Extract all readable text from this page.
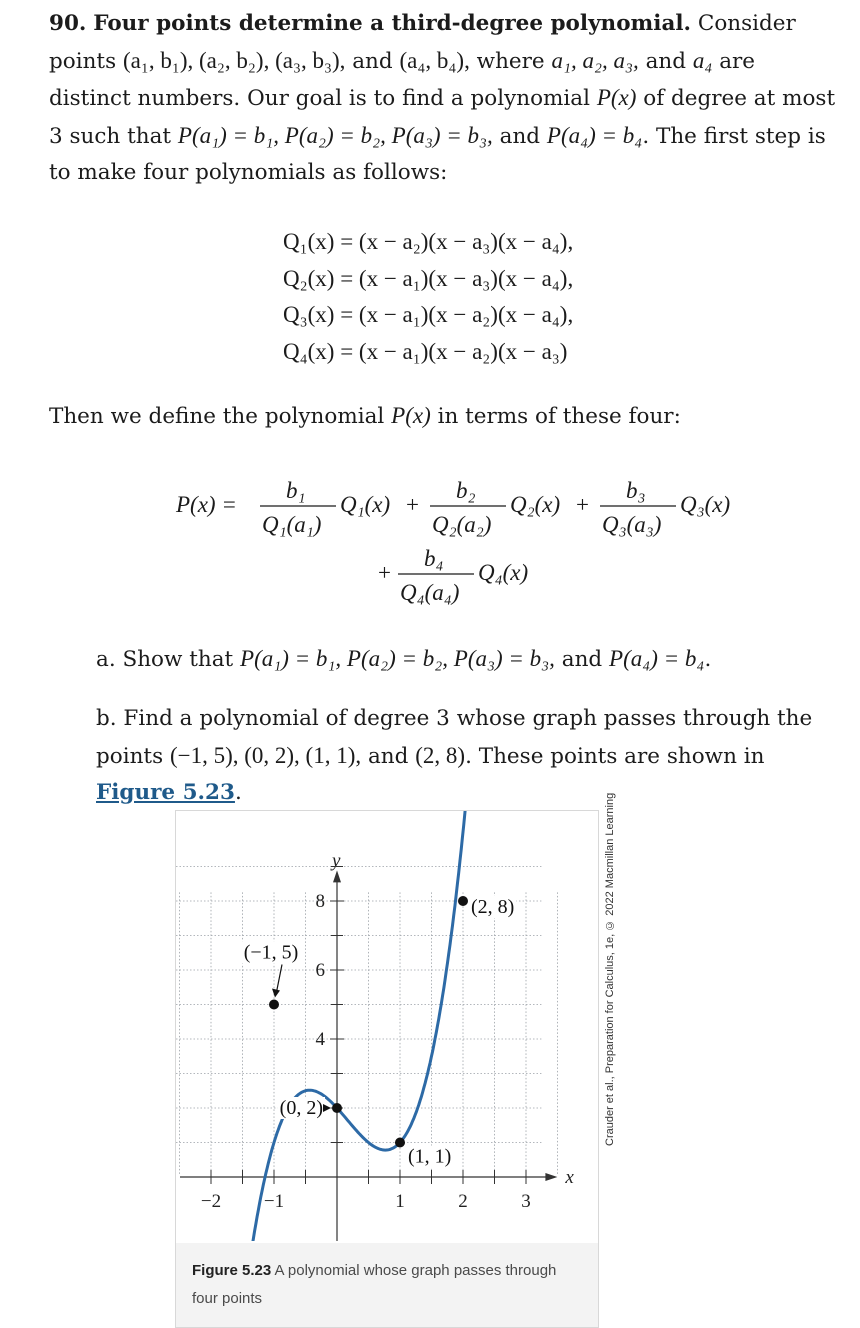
90. Four points determine a third-degree polynomial. Consider points (a₁, b₁), (a₂, b₂), (a₃, b₃), and (a₄, b₄), where a₁, a₂, a₃, and a₄ are distinct numbers. Our goal is to find a polynomial P(x) of degree at most 3 such that P(a₁) = b₁, P(a₂) = b₂, P(a₃) = b₃, and P(a₄) = b₄. The first step is to make four polynomials as follows:
Q₁(x) = (x − a₂)(x − a₃)(x − a₄),
Q₂(x) = (x − a₁)(x − a₃)(x − a₄),
Q₃(x) = (x − a₁)(x − a₂)(x − a₄),
Q₄(x) = (x − a₁)(x − a₂)(x − a₃)
Then we define the polynomial P(x) in terms of these four:
P(x) =
b₁
Q₁(a₁)
Q₁(x) +
b₂
Q₂(a₂)
Q₂(x) +
b₃
Q₃(a₃)
Q₃(x)
+
b₄
Q₄(a₄)
Q₄(x)
a. Show that P(a₁) = b₁, P(a₂) = b₂, P(a₃) = b₃, and P(a₄) = b₄.
b. Find a polynomial of degree 3 whose graph passes through the points (−1, 5), (0, 2), (1, 1), and (2, 8). These points are shown in Figure 5.23.
x
y
−2 −1	1	2	3
4
6
8
(−1, 5)
(0, 2)
(1, 1)
(2, 8)
Figure 5.23 A polynomial whose graph passes through four points
Crauder et al., Preparation for Calculus, 1e, © 2022 Macmillan Learning
